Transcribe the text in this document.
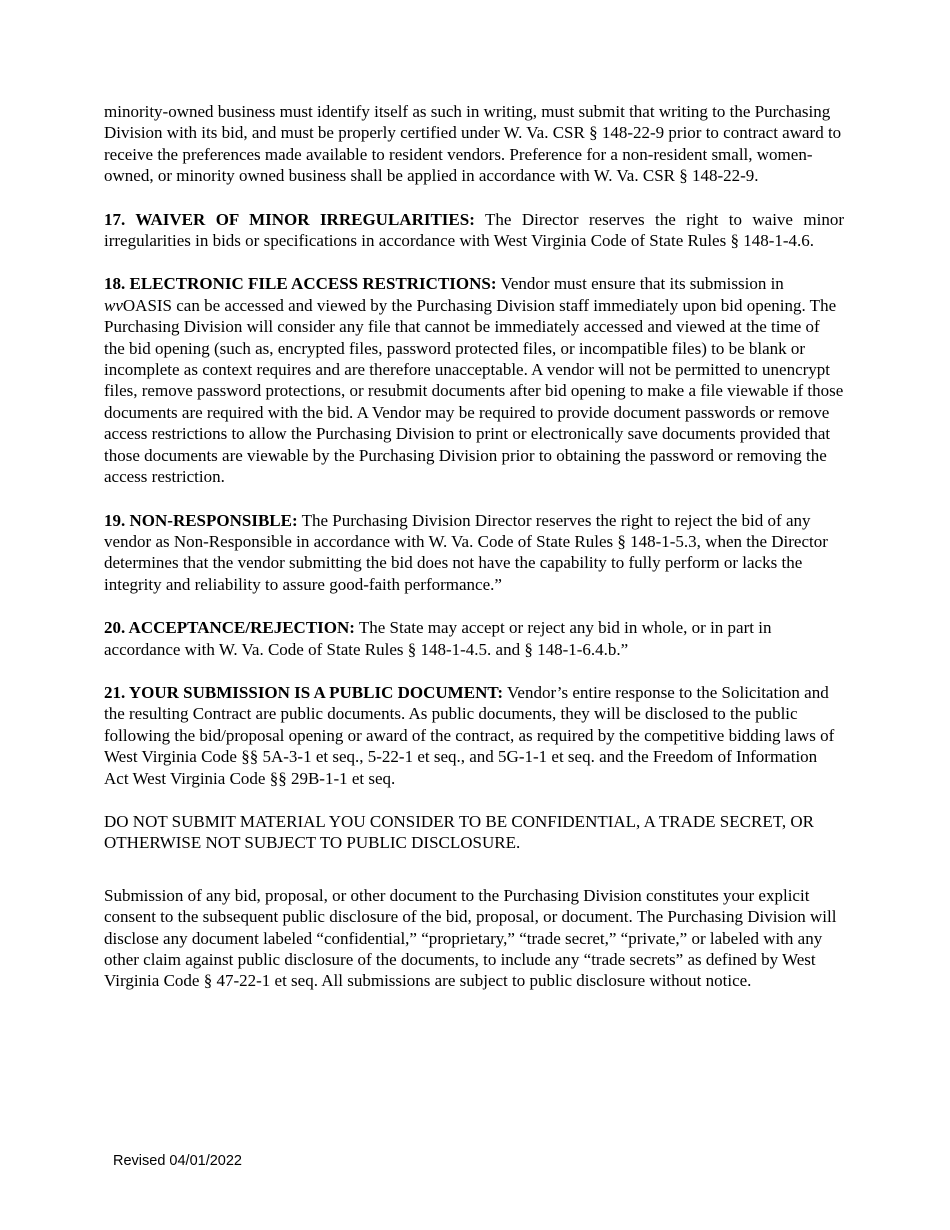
minority-owned business must identify itself as such in writing, must submit that writing to the Purchasing Division with its bid, and must be properly certified under W. Va. CSR § 148-22-9 prior to contract award to receive the preferences made available to resident vendors. Preference for a non-resident small, women-owned, or minority owned business shall be applied in accordance with W. Va. CSR § 148-22-9.

17. WAIVER OF MINOR IRREGULARITIES: The Director reserves the right to waive minor irregularities in bids or specifications in accordance with West Virginia Code of State Rules § 148-1-4.6.

18. ELECTRONIC FILE ACCESS RESTRICTIONS: Vendor must ensure that its submission in wvOASIS can be accessed and viewed by the Purchasing Division staff immediately upon bid opening. The Purchasing Division will consider any file that cannot be immediately accessed and viewed at the time of the bid opening (such as, encrypted files, password protected files, or incompatible files) to be blank or incomplete as context requires and are therefore unacceptable. A vendor will not be permitted to unencrypt files, remove password protections, or resubmit documents after bid opening to make a file viewable if those documents are required with the bid. A Vendor may be required to provide document passwords or remove access restrictions to allow the Purchasing Division to print or electronically save documents provided that those documents are viewable by the Purchasing Division prior to obtaining the password or removing the access restriction.

19. NON-RESPONSIBLE: The Purchasing Division Director reserves the right to reject the bid of any vendor as Non-Responsible in accordance with W. Va. Code of State Rules § 148-1-5.3, when the Director determines that the vendor submitting the bid does not have the capability to fully perform or lacks the integrity and reliability to assure good-faith performance.”

20. ACCEPTANCE/REJECTION: The State may accept or reject any bid in whole, or in part in accordance with W. Va. Code of State Rules § 148-1-4.5. and § 148-1-6.4.b.”

21. YOUR SUBMISSION IS A PUBLIC DOCUMENT: Vendor’s entire response to the Solicitation and the resulting Contract are public documents. As public documents, they will be disclosed to the public following the bid/proposal opening or award of the contract, as required by the competitive bidding laws of West Virginia Code §§ 5A-3-1 et seq., 5-22-1 et seq., and 5G-1-1 et seq. and the Freedom of Information Act West Virginia Code §§ 29B-1-1 et seq.

DO NOT SUBMIT MATERIAL YOU CONSIDER TO BE CONFIDENTIAL, A TRADE SECRET, OR OTHERWISE NOT SUBJECT TO PUBLIC DISCLOSURE.

Submission of any bid, proposal, or other document to the Purchasing Division constitutes your explicit consent to the subsequent public disclosure of the bid, proposal, or document. The Purchasing Division will disclose any document labeled “confidential,” “proprietary,” “trade secret,” “private,” or labeled with any other claim against public disclosure of the documents, to include any “trade secrets” as defined by West Virginia Code § 47-22-1 et seq. All submissions are subject to public disclosure without notice.

Revised 04/01/2022
